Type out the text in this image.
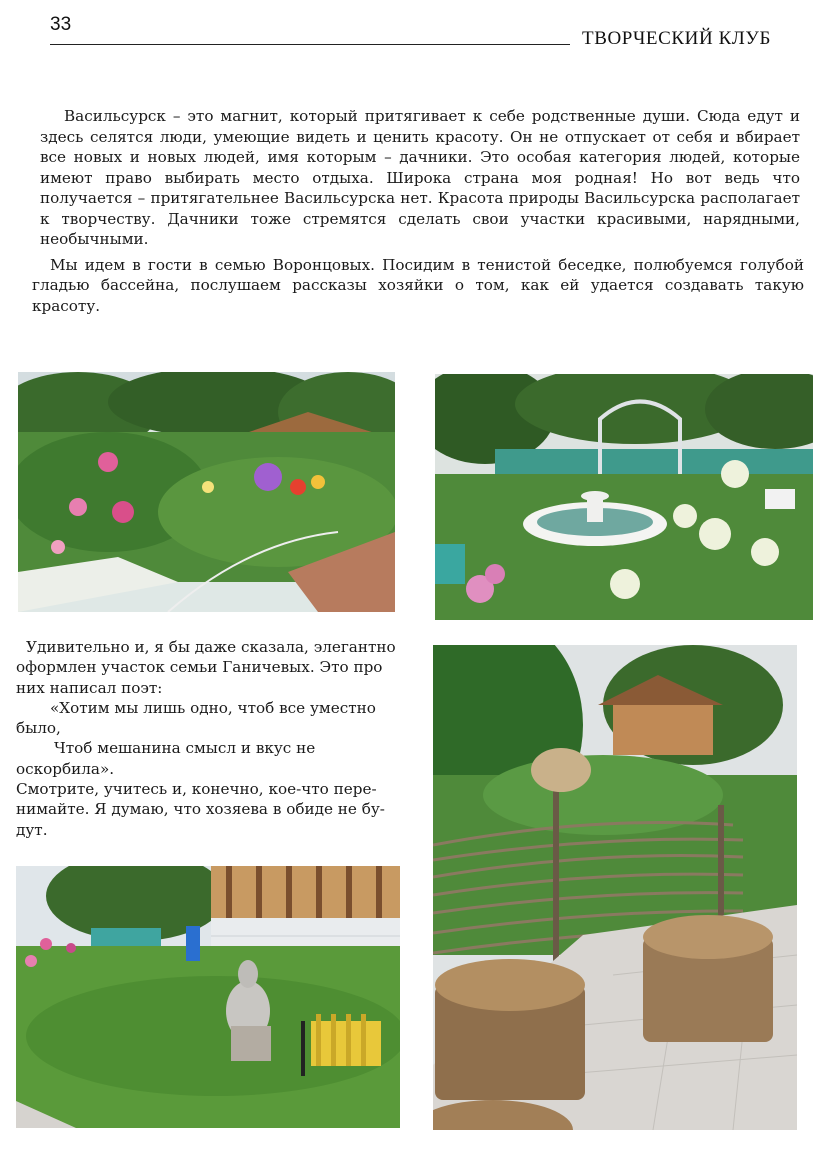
33
ТВОРЧЕСКИЙ КЛУБ

Васильсурск – это магнит, который притягивает к себе родственные души. Сюда едут и здесь селятся люди, умеющие видеть и ценить красоту. Он не отпускает от себя и вбирает все новых и новых людей, имя которым – дачники. Это особая категория людей, которые имеют право выбирать место отдыха. Широка страна моя родная! Но вот ведь что получается – притягательнее Васильсурска нет. Красота природы Васильсурска располагает к творчеству. Дачники тоже стремятся сделать свои участки красивыми, нарядными, необычными.

Мы идем в гости в семью Воронцовых. Посидим в тенистой беседке, полюбуемся голубой гладью бассейна, послушаем рассказы хозяйки о том, как ей удается создавать такую красоту.

Удивительно и, я бы даже сказала, элегантно
оформлен участок семьи Ганичевых. Это про
них написал поэт:
«Хотим мы лишь одно, чтоб все уместно
было,
Чтоб мешанина смысл и вкус не
оскорбила».
Смотрите, учитесь и, конечно, кое-что пере-
нимайте. Я думаю, что хозяева в обиде не бу-
дут.
